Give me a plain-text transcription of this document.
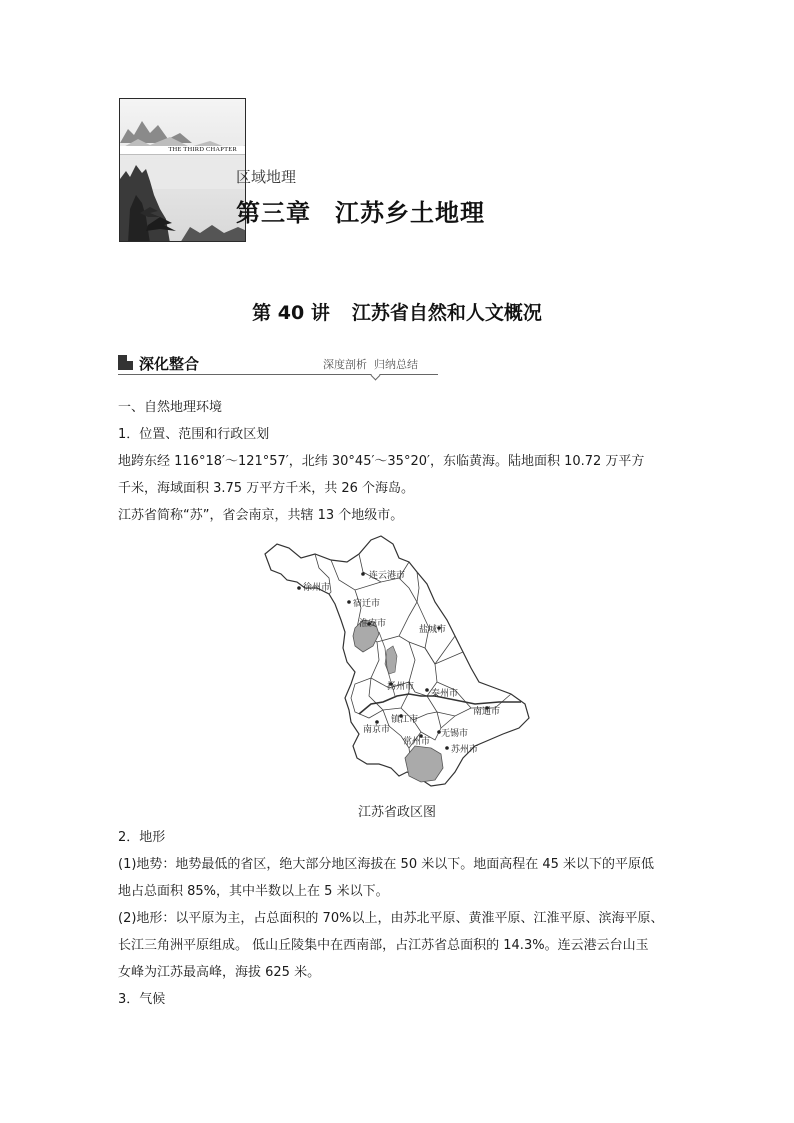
THE THIRD CHAPTER
区域地理
第三章 江苏乡土地理
第 40 讲 江苏省自然和人文概况
深化整合	深度剖析  归纳总结

一、自然地理环境

1．位置、范围和行政区划

地跨东经 116°18′～121°57′，北纬 30°45′～35°20′，东临黄海。陆地面积 10.72 万平方

千米，海域面积 3.75 万平方千米，共 26 个海岛。

江苏省简称“苏”，省会南京，共辖 13 个地级市。

连云港市
徐州市
宿迁市
淮安市
盐城市
扬州市
泰州市
南通市
镇江市
南京市
常州市
无锡市
苏州市
江苏省政区图

2．地形

(1)地势：地势最低的省区，绝大部分地区海拔在 50 米以下。地面高程在 45 米以下的平原低

地占总面积 85%，其中半数以上在 5 米以下。

(2)地形：以平原为主，占总面积的 70%以上，由苏北平原、黄淮平原、江淮平原、滨海平原、

长江三角洲平原组成。 低山丘陵集中在西南部，占江苏省总面积的 14.3%。连云港云台山玉

女峰为江苏最高峰，海拔 625 米。

3．气候
